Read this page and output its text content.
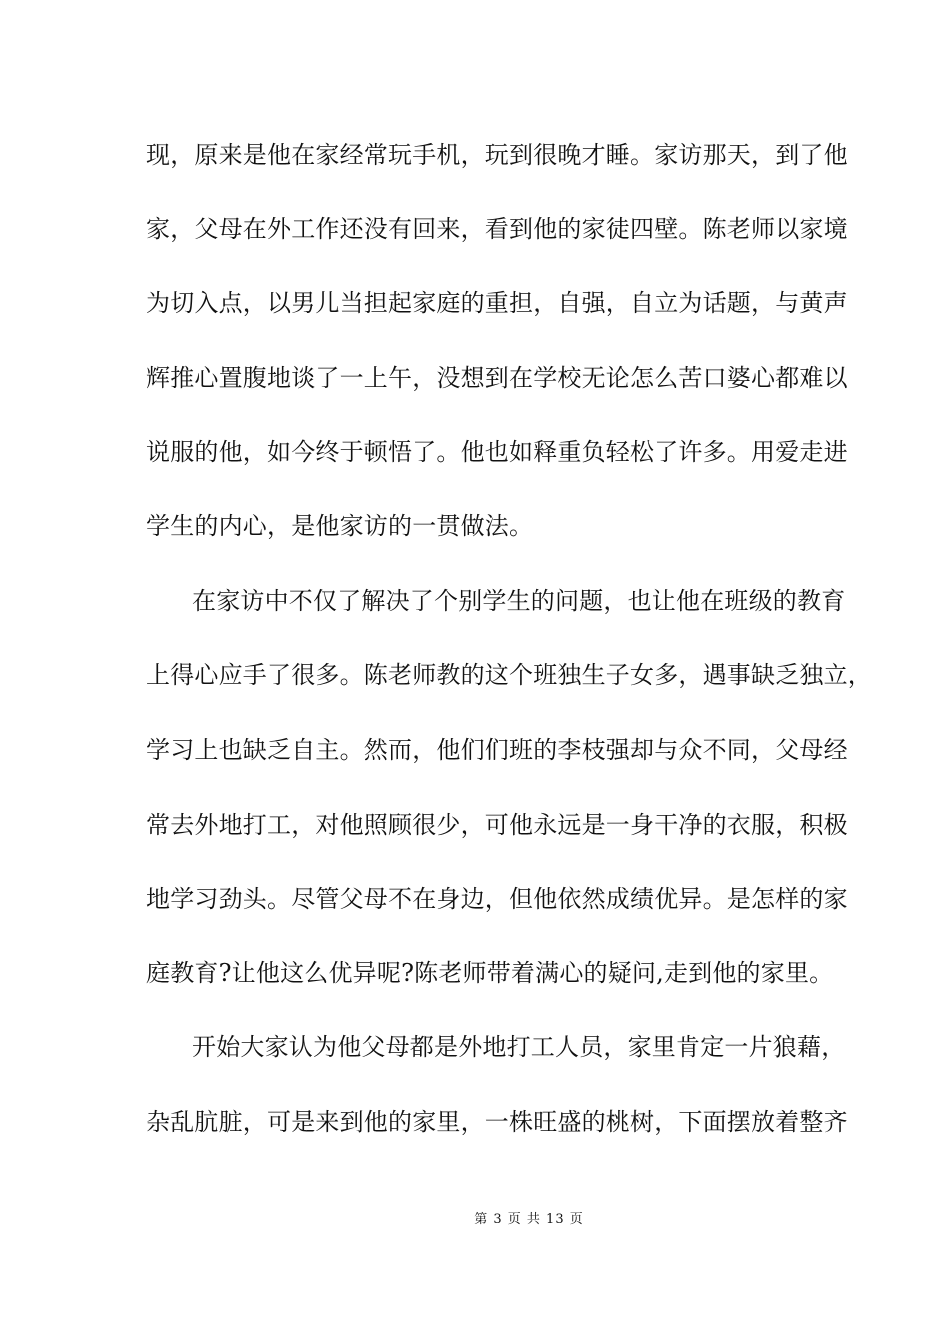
现，原来是他在家经常玩手机，玩到很晚才睡。家访那天，到了他
家，父母在外工作还没有回来，看到他的家徒四壁。陈老师以家境
为切入点，以男儿当担起家庭的重担，自强，自立为话题，与黄声
辉推心置腹地谈了一上午，没想到在学校无论怎么苦口婆心都难以
说服的他，如今终于顿悟了。他也如释重负轻松了许多。用爱走进
学生的内心，是他家访的一贯做法。
在家访中不仅了解决了个别学生的问题，也让他在班级的教育
上得心应手了很多。陈老师教的这个班独生子女多，遇事缺乏独立，
学习上也缺乏自主。然而，他们们班的李枝强却与众不同，父母经
常去外地打工，对他照顾很少，可他永远是一身干净的衣服，积极
地学习劲头。尽管父母不在身边，但他依然成绩优异。是怎样的家
庭教育?让他这么优异呢?陈老师带着满心的疑问,走到他的家里。
开始大家认为他父母都是外地打工人员，家里肯定一片狼藉，
杂乱肮脏，可是来到他的家里，一株旺盛的桃树，下面摆放着整齐
第 3 页 共 13 页
